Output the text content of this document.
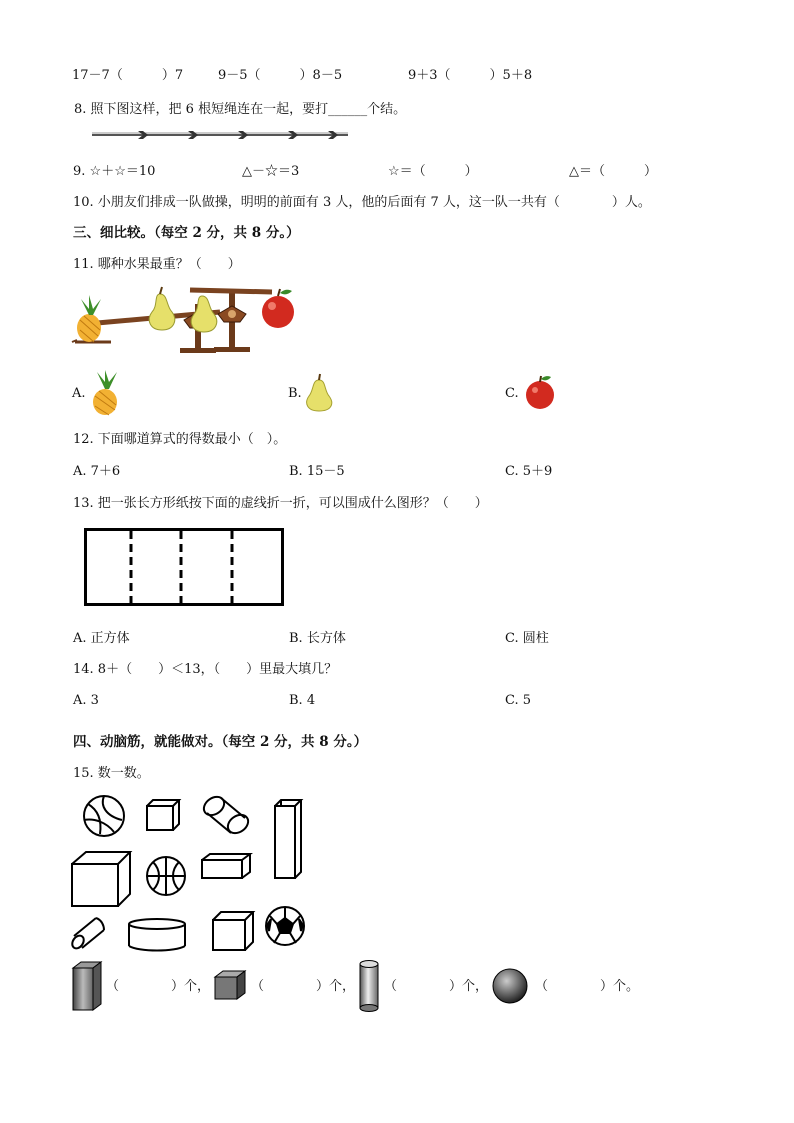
17－7（　　　）7	9－5（　　　）8－5	9＋3（　　　）5＋8
8. 照下图这样，把 6 根短绳连在一起，要打______个结。
9. ☆＋☆＝10	△－☆＝3	☆＝（　　　）	△＝（　　　）
10. 小朋友们排成一队做操，明明的前面有 3 人，他的后面有 7 人，这一队一共有（　　　　）人。
三、细比较。（每空 2 分，共 8 分。）
11. 哪种水果最重？（　　）
A.	B.	C.
12. 下面哪道算式的得数最小（　）。
A. 7＋6	B. 15－5	C. 5＋9
13. 把一张长方形纸按下面的虚线折一折，可以围成什么图形？（　　）
A. 正方体	B. 长方体	C. 圆柱
14. 8＋（　　）＜13，（　　）里最大填几？
A. 3	B. 4	C. 5
四、动脑筋，就能做对。（每空 2 分，共 8 分。）
15. 数一数。
（　　　　）个，	（　　　　）个， （　　　　）个，	（　　　　）个。
